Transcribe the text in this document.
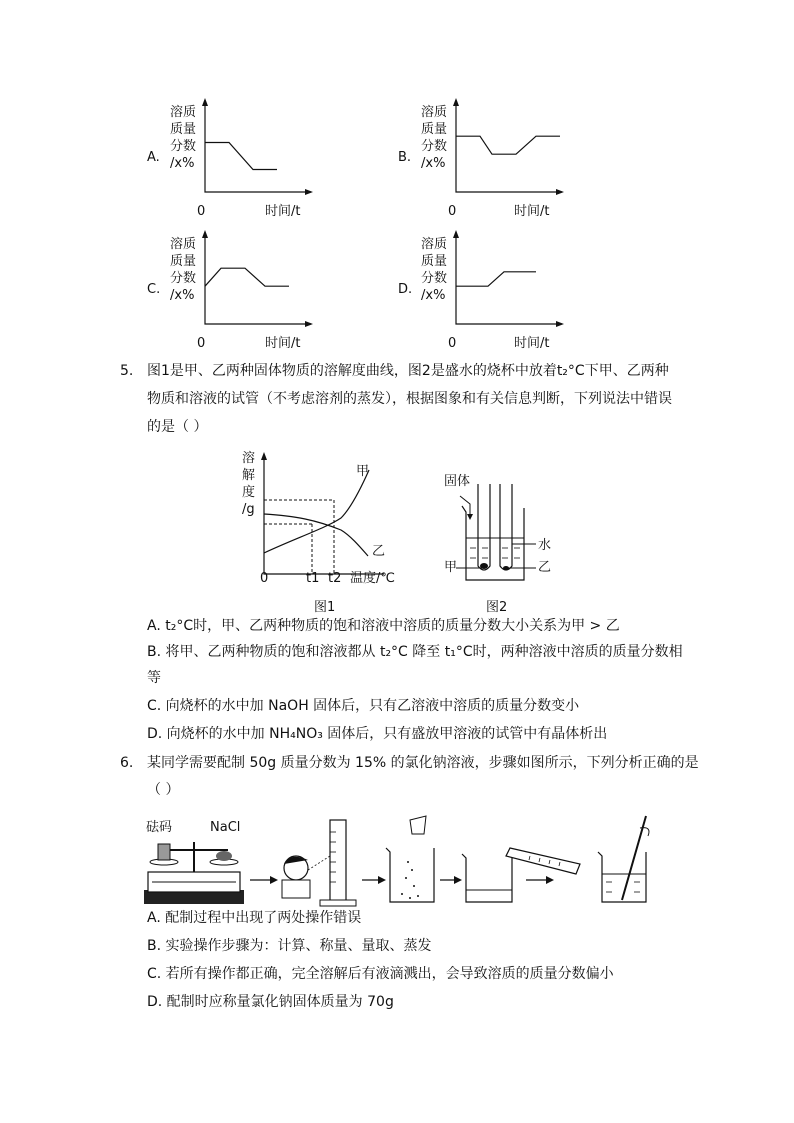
溶质
质量
分数
/x%
A.
0	时间/t
溶质
质量
分数
/x%
B.
0	时间/t
溶质
质量
分数
/x%
C.
0	时间/t
溶质
质量
分数
/x%
D.
0	时间/t
5. 图1是甲、乙两种固体物质的溶解度曲线，图2是盛水的烧杯中放着t₂°C下甲、乙两种
物质和溶液的试管（不考虑溶剂的蒸发），根据图象和有关信息判断，下列说法中错误
的是（ ）
溶
解
度
/g
甲
乙
0	t1 t2 温度/℃
图1
固体
水
甲	乙
图2
A. t₂°C时，甲、乙两种物质的饱和溶液中溶质的质量分数大小关系为甲 > 乙
B. 将甲、乙两种物质的饱和溶液都从 t₂°C 降至 t₁°C时，两种溶液中溶质的质量分数相
等
C. 向烧杯的水中加 NaOH 固体后，只有乙溶液中溶质的质量分数变小
D. 向烧杯的水中加 NH₄NO₃ 固体后，只有盛放甲溶液的试管中有晶体析出
6. 某同学需要配制 50g 质量分数为 15% 的氯化钠溶液，步骤如图所示，下列分析正确的是
（ ）
砝码	NaCl
A. 配制过程中出现了两处操作错误
B. 实验操作步骤为：计算、称量、量取、蒸发
C. 若所有操作都正确，完全溶解后有液滴溅出，会导致溶质的质量分数偏小
D. 配制时应称量氯化钠固体质量为 70g
